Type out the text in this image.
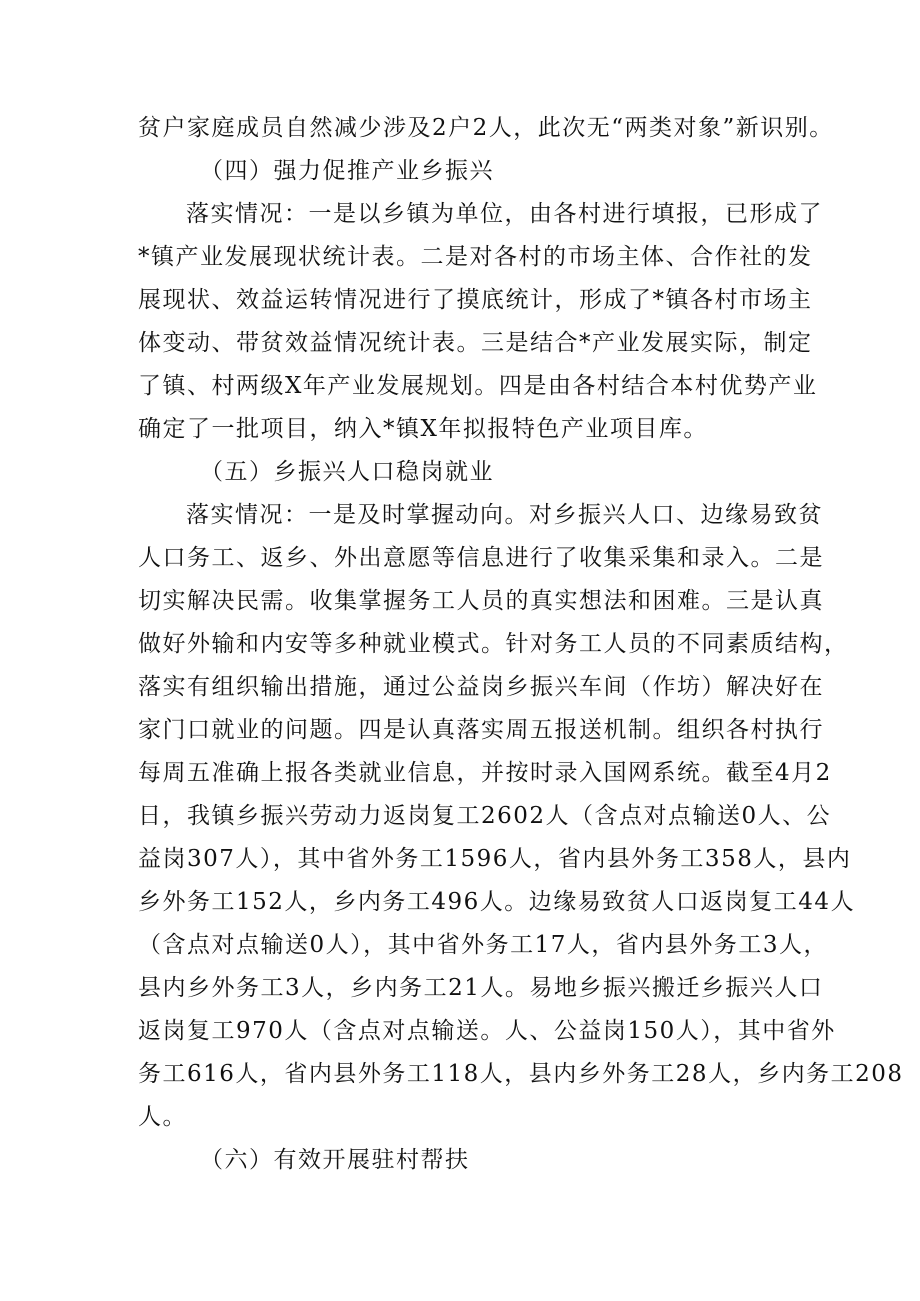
贫户家庭成员自然减少涉及2户2人，此次无“两类对象”新识别。
（四）强力促推产业乡振兴
落实情况：一是以乡镇为单位，由各村进行填报，已形成了
*镇产业发展现状统计表。二是对各村的市场主体、合作社的发
展现状、效益运转情况进行了摸底统计，形成了*镇各村市场主
体变动、带贫效益情况统计表。三是结合*产业发展实际，制定
了镇、村两级X年产业发展规划。四是由各村结合本村优势产业
确定了一批项目，纳入*镇X年拟报特色产业项目库。
（五）乡振兴人口稳岗就业
落实情况：一是及时掌握动向。对乡振兴人口、边缘易致贫
人口务工、返乡、外出意愿等信息进行了收集采集和录入。二是
切实解决民需。收集掌握务工人员的真实想法和困难。三是认真
做好外输和内安等多种就业模式。针对务工人员的不同素质结构，
落实有组织输出措施，通过公益岗乡振兴车间（作坊）解决好在
家门口就业的问题。四是认真落实周五报送机制。组织各村执行
每周五准确上报各类就业信息，并按时录入国网系统。截至4月2
日，我镇乡振兴劳动力返岗复工2602人（含点对点输送0人、公
益岗307人），其中省外务工1596人，省内县外务工358人，县内
乡外务工152人，乡内务工496人。边缘易致贫人口返岗复工44人
（含点对点输送0人），其中省外务工17人，省内县外务工3人，
县内乡外务工3人，乡内务工21人。易地乡振兴搬迁乡振兴人口
返岗复工970人（含点对点输送。人、公益岗150人），其中省外
务工616人，省内县外务工118人，县内乡外务工28人，乡内务工208
人。
（六）有效开展驻村帮扶
